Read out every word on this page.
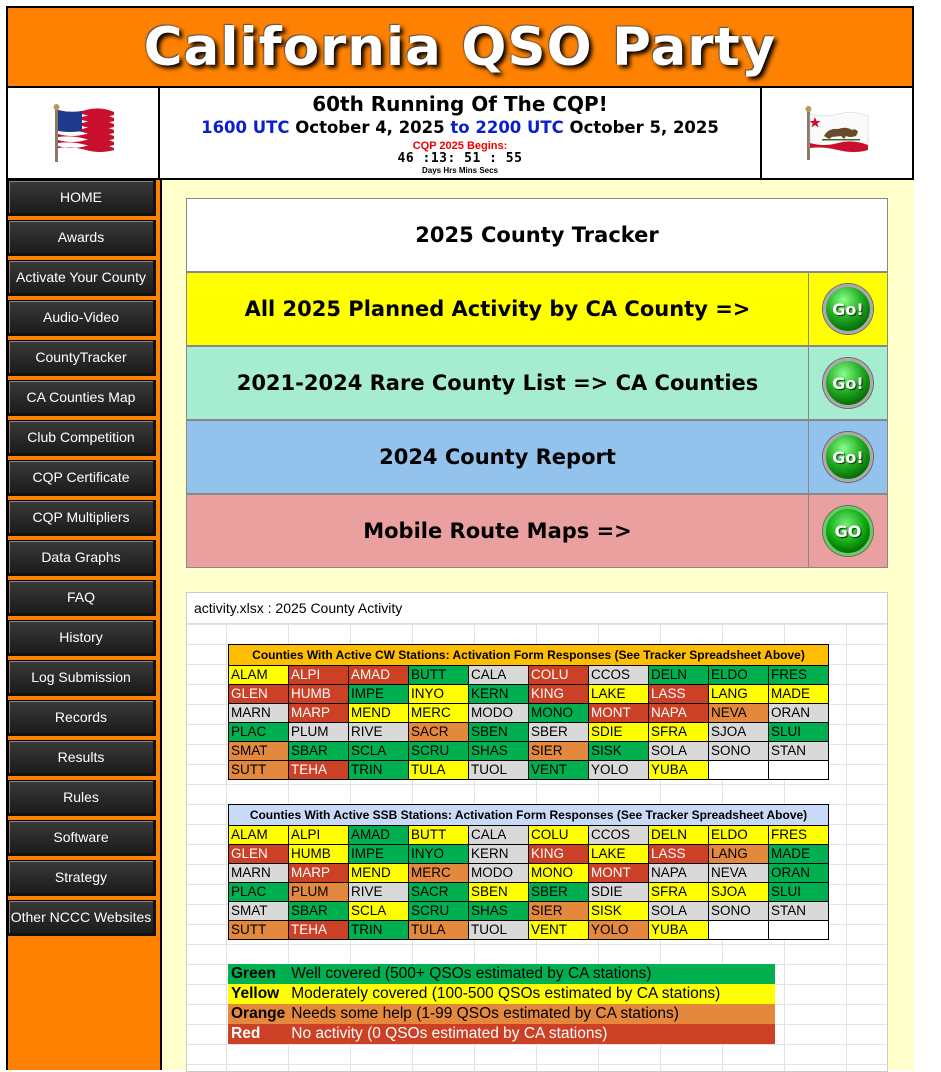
California QSO Party
60th Running Of The CQP!
1600 UTC October 4, 2025 to 2200 UTC October 5, 2025
CQP 2025 Begins:
46 :13: 51 : 55
Days Hrs Mins Secs
HOME
Awards
Activate Your County
Audio-Video
CountyTracker
CA Counties Map
Club Competition
CQP Certificate
CQP Multipliers
Data Graphs
FAQ
History
Log Submission
Records
Results
Rules
Software
Strategy
Other NCCC Websites
2025 County Tracker
All 2025 Planned Activity by CA County =>	Go!
2021-2024 Rare County List => CA Counties	Go!
2024 County Report	Go!
Mobile Route Maps =>	GO
activity.xlsx : 2025 County Activity
Counties With Active CW Stations: Activation Form Responses (See Tracker Spreadsheet Above)									
ALAM	ALPI	AMAD	BUTT	CALA	COLU	CCOS	DELN	ELDO	FRES
GLEN	HUMB	IMPE	INYO	KERN	KING	LAKE	LASS	LANG	MADE
MARN	MARP	MEND	MERC	MODO	MONO	MONT	NAPA	NEVA	ORAN
PLAC	PLUM	RIVE	SACR	SBEN	SBER	SDIE	SFRA	SJOA	SLUI
SMAT	SBAR	SCLA	SCRU	SHAS	SIER	SISK	SOLA	SONO	STAN
SUTT	TEHA	TRIN	TULA	TUOL	VENT	YOLO	YUBA		
Counties With Active SSB Stations: Activation Form Responses (See Tracker Spreadsheet Above)									
ALAM	ALPI	AMAD	BUTT	CALA	COLU	CCOS	DELN	ELDO	FRES
GLEN	HUMB	IMPE	INYO	KERN	KING	LAKE	LASS	LANG	MADE
MARN	MARP	MEND	MERC	MODO	MONO	MONT	NAPA	NEVA	ORAN
PLAC	PLUM	RIVE	SACR	SBEN	SBER	SDIE	SFRA	SJOA	SLUI
SMAT	SBAR	SCLA	SCRU	SHAS	SIER	SISK	SOLA	SONO	STAN
SUTT	TEHA	TRIN	TULA	TUOL	VENT	YOLO	YUBA		
Green	Well covered (500+ QSOs estimated by CA stations)
Yellow	Moderately covered (100-500 QSOs estimated by CA stations)
Orange	Needs some help (1-99 QSOs estimated by CA stations)
Red	No activity (0 QSOs estimated by CA stations)
